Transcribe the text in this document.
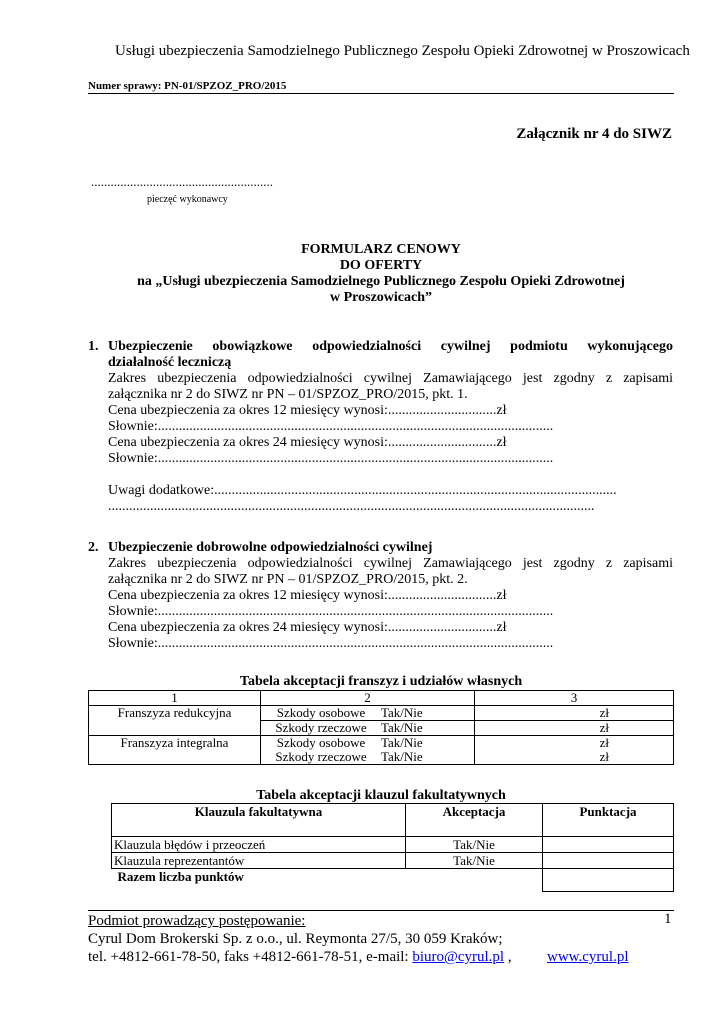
Usługi ubezpieczenia Samodzielnego Publicznego Zespołu Opieki Zdrowotnej w Proszowicach
Numer sprawy: PN-01/SPZOZ_PRO/2015
Załącznik nr 4 do SIWZ
........................................................
pieczęć wykonawcy
FORMULARZ CENOWY
DO OFERTY
na „Usługi ubezpieczenia Samodzielnego Publicznego Zespołu Opieki Zdrowotnej
w Proszowicach”
1. Ubezpieczenie obowiązkowe odpowiedzialności cywilnej podmiotu wykonującego
działalność leczniczą
Zakres ubezpieczenia odpowiedzialności cywilnej Zamawiającego jest zgodny z zapisami
załącznika nr 2 do SIWZ nr PN – 01/SPZOZ_PRO/2015, pkt. 1.
Cena ubezpieczenia za okres 12 miesięcy wynosi:...............................zł
Słownie:.................................................................................................................
Cena ubezpieczenia za okres 24 miesięcy wynosi:...............................zł
Słownie:.................................................................................................................
Uwagi dodatkowe:...................................................................................................................
...........................................................................................................................................
2. Ubezpieczenie dobrowolne odpowiedzialności cywilnej
Zakres ubezpieczenia odpowiedzialności cywilnej Zamawiającego jest zgodny z zapisami
załącznika nr 2 do SIWZ nr PN – 01/SPZOZ_PRO/2015, pkt. 2.
Cena ubezpieczenia za okres 12 miesięcy wynosi:...............................zł
Słownie:.................................................................................................................
Cena ubezpieczenia za okres 24 miesięcy wynosi:...............................zł
Słownie:.................................................................................................................
Tabela akceptacji franszyz i udziałów własnych
1	2	3
Franszyza redukcyjna	Szkody osobowe Tak/Nie	zł
	Szkody rzeczowe Tak/Nie	zł
Franszyza integralna	Szkody osobowe Tak/Nie	zł
	Szkody rzeczowe Tak/Nie	zł
Tabela akceptacji klauzul fakultatywnych
Klauzula fakultatywna	Akceptacja	Punktacja
Klauzula błędów i przeoczeń	Tak/Nie	
Klauzula reprezentantów	Tak/Nie	
Razem liczba punktów		
Podmiot prowadzący postępowanie:	1
Cyrul Dom Brokerski Sp. z o.o., ul. Reymonta 27/5, 30 059 Kraków;
tel. +4812-661-78-50, faks +4812-661-78-51, e-mail: biuro@cyrul.pl , www.cyrul.pl
